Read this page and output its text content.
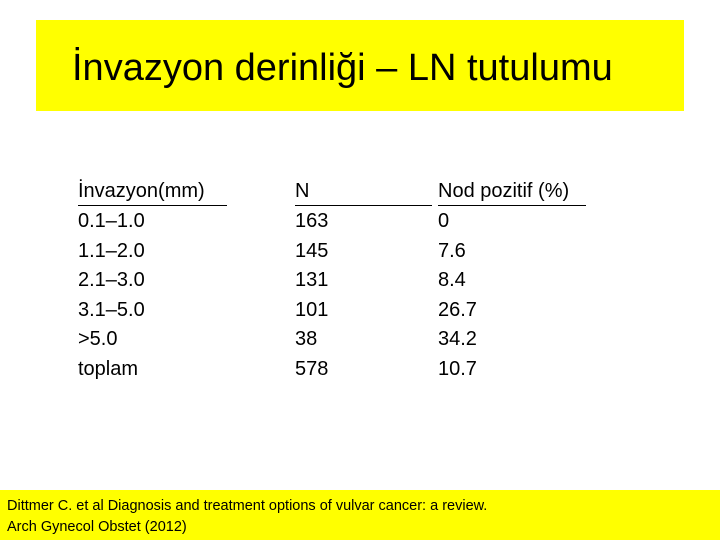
İnvazyon derinliği – LN tutulumu
İnvazyon(mm)
0.1–1.0
1.1–2.0
2.1–3.0
3.1–5.0
>5.0
toplam
N
163
145
131
101
38
578
Nod pozitif (%)
0
7.6
8.4
26.7
34.2
10.7
Dittmer C. et al Diagnosis and treatment options of vulvar cancer: a review.
Arch Gynecol Obstet (2012)
